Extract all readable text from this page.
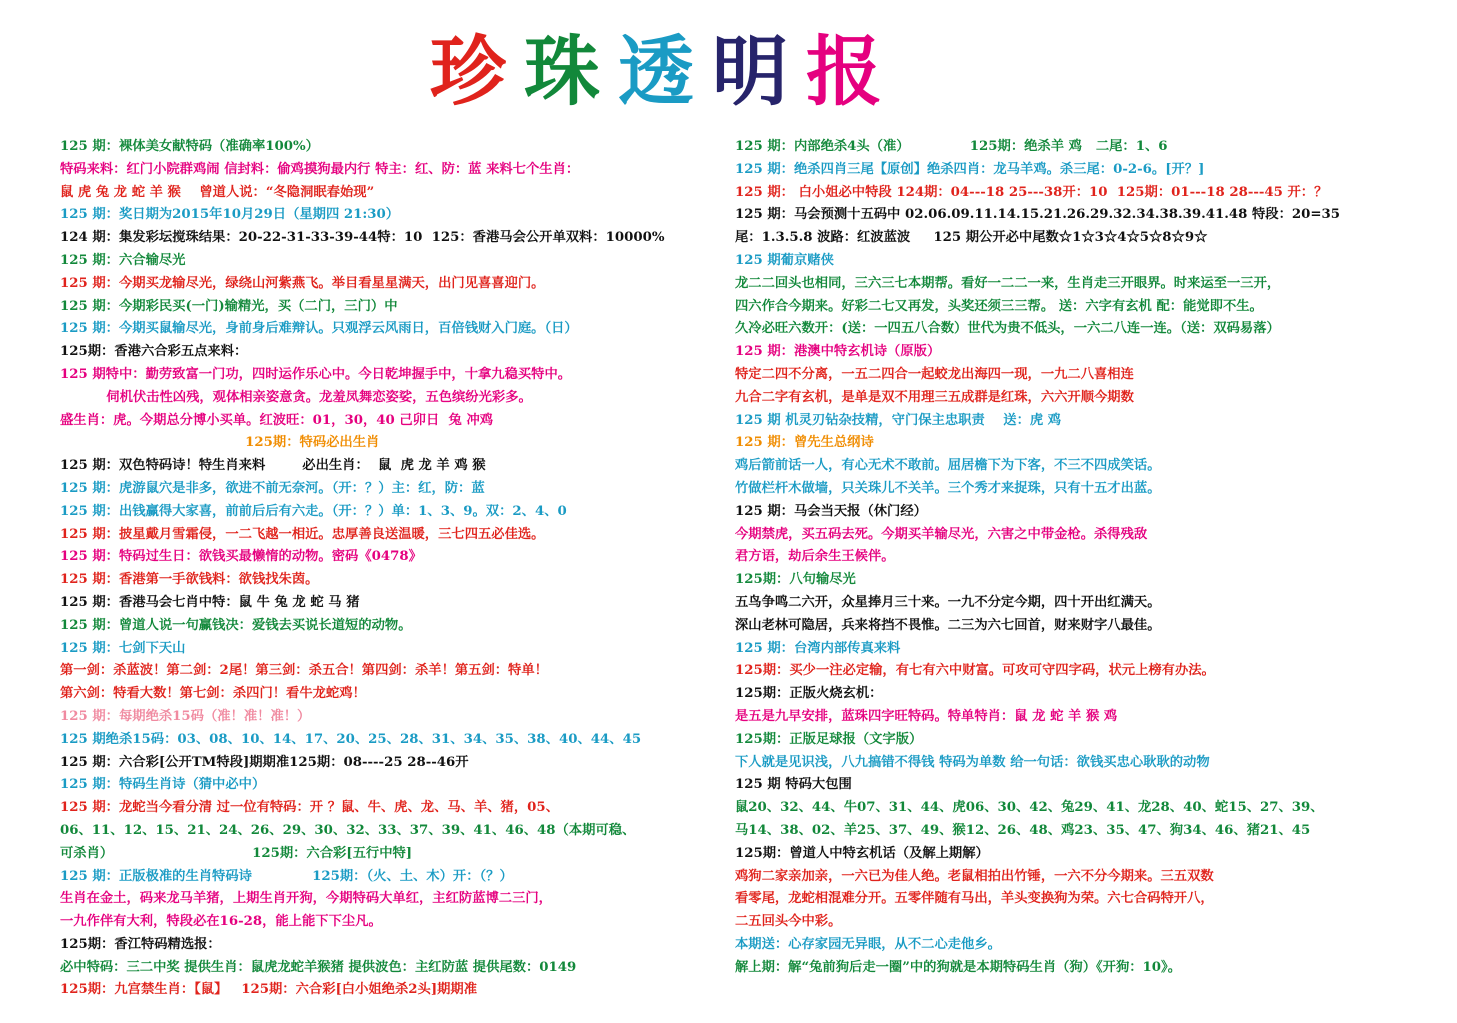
珍珠透明报
125 期：裸体美女献特码（准确率100%）
特码来料：红门小院群鸡闹 信封料：偷鸡摸狗最内行 特主：红、防：蓝 来料七个生肖：
鼠 虎 兔 龙 蛇 羊 猴    曾道人说：“冬隐洞眠春始现”
125 期：奖日期为2015年10月29日（星期四 21:30）
124 期：集发彩坛搅珠结果：20-22-31-33-39-44特：10  125：香港马会公开单双料：10000%
125 期：六合输尽光
125 期：今期买龙输尽光，绿绕山河紫燕飞。举目看星星满天，出门见喜喜迎门。
125 期：今期彩民买(一门)输精光，买（二门，三门）中
125 期：今期买鼠输尽光，身前身后难辩认。只观浮云风雨日，百倍钱财入门庭。（日）
125期：香港六合彩五点来料：
125 期特中：勤劳致富一门功，四时运作乐心中。今日乾坤握手中，十拿九稳买特中。
伺机伏击性凶残，观体相亲姿意贪。龙羞凤舞恋姿娑，五色缤纷光彩多。
盛生肖：虎。今期总分博小买单。红波旺：01，30，40 己卯日  兔 冲鸡
125期：特码必出生肖
125 期：双色特码诗！特生肖来料        必出生肖：  鼠  虎 龙 羊 鸡 猴
125 期：虎游鼠穴是非多，欲进不前无奈河。（开：？）主：红，防：蓝
125 期：出钱赢得大家喜，前前后后有六走。（开：？）单：1、3、9。双：2、4、0
125 期：披星戴月雪霜侵，一二飞越一相近。忠厚善良送温暖，三七四五必佳选。
125 期：特码过生日：欲钱买最懒惰的动物。密码《0478》
125 期：香港第一手欲钱料：欲钱找朱茵。
125 期：香港马会七肖中特：鼠 牛 兔 龙 蛇 马 猪
125 期：曾道人说一句赢钱决：爱钱去买说长道短的动物。
125 期：七剑下天山
第一剑：杀蓝波！第二剑：2尾！第三剑：杀五合！第四剑：杀羊！第五剑：特单！
第六剑：特看大数！第七剑：杀四门！看牛龙蛇鸡！
125 期：每期绝杀15码（准！准！准！）
125 期绝杀15码：03、08、10、14、17、20、25、28、31、34、35、38、40、44、45
125 期：六合彩[公开TM特段]期期准125期：08----25 28--46开
125 期：特码生肖诗（猜中必中）
125 期：龙蛇当今看分清 过一位有特码：开 ？鼠、牛、虎、龙、马、羊、猪，05、
06、11、12、15、21、24、26、29、30、32、33、37、39、41、46、48（本期可稳、
可杀肖）                              125期：六合彩[五行中特]
125 期：正版极准的生肖特码诗             125期：（火、土、木）开：（？）
生肖在金土，码来龙马羊猪，上期生肖开狗，今期特码大单红，主红防蓝博二三门，
一九作伴有大利，特段必在16-28，能上能下下尘凡。
125期：香江特码精选报：
必中特码：三二中奖 提供生肖：鼠虎龙蛇羊猴猪 提供波色：主红防蓝 提供尾数：0149
125期：九宫禁生肖：【鼠】   125期：六合彩[白小姐绝杀2头]期期准
125 期：内部绝杀4头（准）             125期：绝杀羊 鸡   二尾：1、6
125 期：绝杀四肖三尾【原创】绝杀四肖：龙马羊鸡。杀三尾：0-2-6。[开？]
125 期： 白小姐必中特段 124期：04---18 25---38开：10  125期：01---18 28---45 开：？
125 期：马会预测十五码中 02.06.09.11.14.15.21.26.29.32.34.38.39.41.48 特段：20=35
尾：1.3.5.8 波路：红波蓝波     125 期公开必中尾数☆1☆3☆4☆5☆8☆9☆
125 期葡京赌侠
龙二二回头也相同，三六三七本期帮。看好一二二一来，生肖走三开眼界。时来运至一三开，
四六作合今期来。好彩二七又再发，头奖还须三三帮。 送：六字有玄机 配：能觉即不生。
久冷必旺六数开：(送：一四五八合数）世代为贵不低头，一六二八连一连。（送：双码易落）
125 期：港澳中特玄机诗（原版）
特定二四不分离，一五二四合一起蛟龙出海四一现，一九二八喜相连
九合二字有玄机，是单是双不用理三五成群是红珠，六六开顺今期数
125 期 机灵刃钻杂技精，守门保主忠职责    送：虎 鸡
125 期：曾先生总纲诗
鸡后箭前话一人，有心无术不敢前。屈居檐下为下客，不三不四成笑话。
竹做栏杆木做墙，只关珠儿不关羊。三个秀才来捉珠，只有十五才出蓝。
125 期：马会当天报（休门经）
今期禁虎，买五码去死。今期买羊输尽光，六害之中带金枪。杀得残敌
君方语，劫后余生王候伴。
125期：八句输尽光
五鸟争鸣二六开，众星捧月三十来。一九不分定今期，四十开出红满天。
深山老林可隐居，兵来将挡不畏惟。二三为六七回首，财来财字八最佳。
125 期：台湾内部传真来料
125期：买少一注必定输，有七有六中财富。可攻可守四字码，状元上榜有办法。
125期：正版火烧玄机：
是五是九早安排，蓝珠四字旺特码。特单特肖：鼠 龙 蛇 羊 猴 鸡
125期：正版足球报（文字版）
下人就是见识浅，八九搞错不得钱 特码为单数 给一句话：欲钱买忠心耿耿的动物
125 期 特码大包围
鼠20、32、44、牛07、31、44、虎06、30、42、兔29、41、龙28、40、蛇15、27、39、
马14、38、02、羊25、37、49、猴12、26、48、鸡23、35、47、狗34、46、猪21、45
125期：曾道人中特玄机话（及解上期解）
鸡狗二家亲加亲，一六已为佳人绝。老鼠相拍出竹锤，一六不分今期来。三五双数
看零尾，龙蛇相混难分开。五零伴随有马出，羊头变换狗为荣。六七合码特开八，
二五回头今中彩。
本期送：心存家园无异眼，从不二心走他乡。
解上期：解“兔前狗后走一圈”中的狗就是本期特码生肖（狗）《开狗：10》。
